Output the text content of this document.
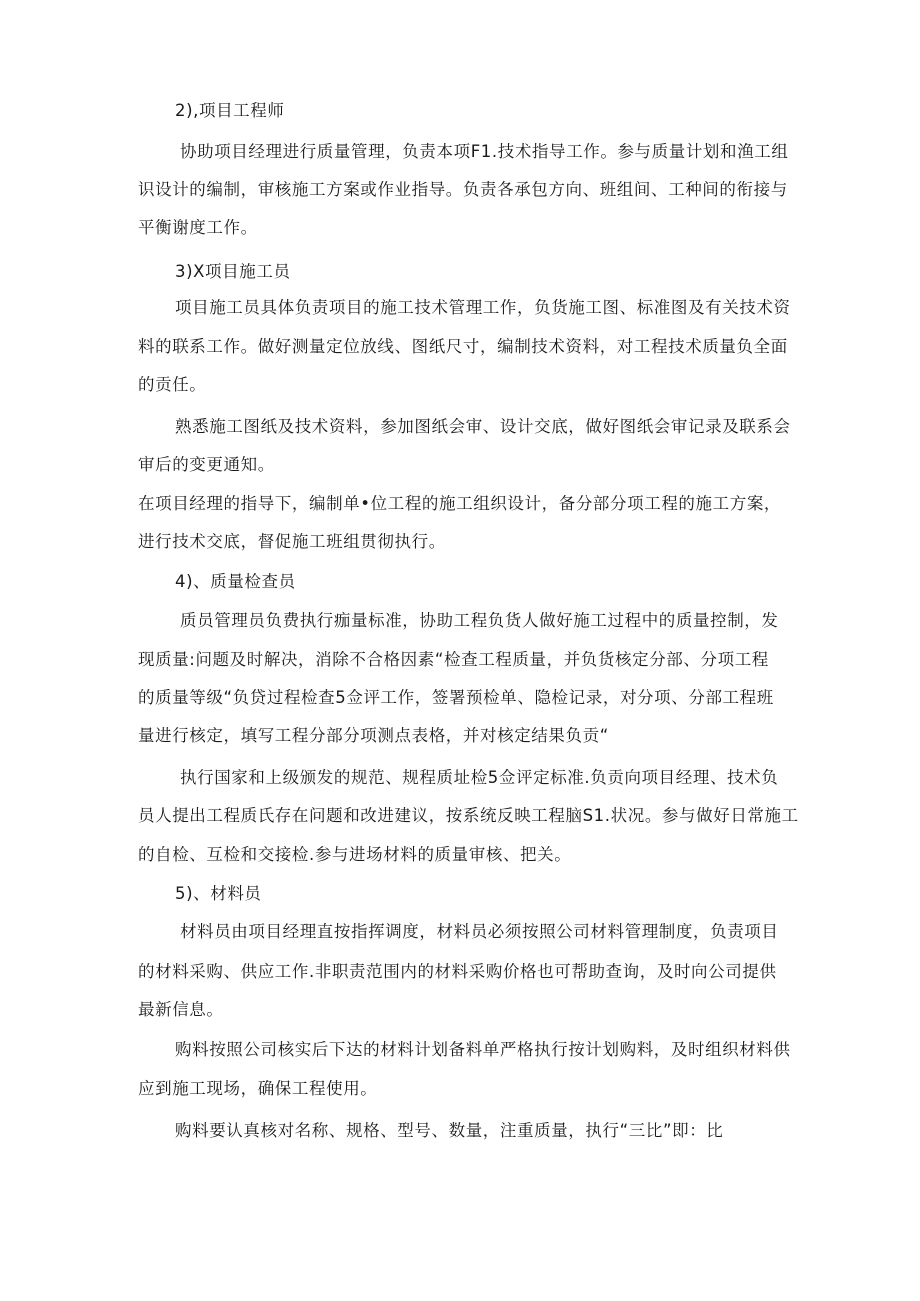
2),项目工程师
协助项目经理进行质量管理，负责本项F1.技术指导工作。参与质量计划和渔工组
识设计的编制，审核施工方案或作业指导。负责各承包方向、班组间、工种间的衔接与
平衡谢度工作。
3)X项目施工员
项目施工员具体负责项目的施工技术管理工作，负货施工图、标准图及有关技术资
料的联系工作。做好测量定位放线、图纸尺寸，编制技术资料，对工程技术质量负全面
的贡任。
熟悉施工图纸及技术资料，参加图纸会审、设计交底，做好图纸会审记录及联系会
审后的变更通知。
在项目经理的指导下，编制单•位工程的施工组织设计，备分部分项工程的施工方案，
进行技术交底，督促施工班组贯彻执行。
4)、质量检查员
质员管理员负费执行痂量标准，协助工程负货人做好施工过程中的质量控制，发
现质量:问题及时解决，消除不合格因素“检查工程质量，并负货核定分部、分项工程
的质量等级“负贷过程检查5佥评工作，签署预检单、隐检记录，对分项、分部工程班
量进行核定，填写工程分部分项测点表格，并对核定结果负贡“
执行国家和上级颁发的规范、规程质址检5佥评定标准.负贡向项目经理、技术负
员人提出工程质氏存在问题和改进建议，按系统反映工程脑S1.状况。参与做好日常施工
的自检、互检和交接检.参与进场材料的质量审核、把关。
5)、材料员
材料员由项目经理直按指挥调度，材料员必须按照公司材料管理制度，负责项目
的材料采购、供应工作.非职责范围内的材料采购价格也可帮助查询，及时向公司提供
最新信息。
购料按照公司核实后下达的材料计划备料单严格执行按计划购料，及时组织材料供
应到施工现场，确保工程使用。
购料要认真核对名称、规格、型号、数量，注重质量，执行“三比”即：比
